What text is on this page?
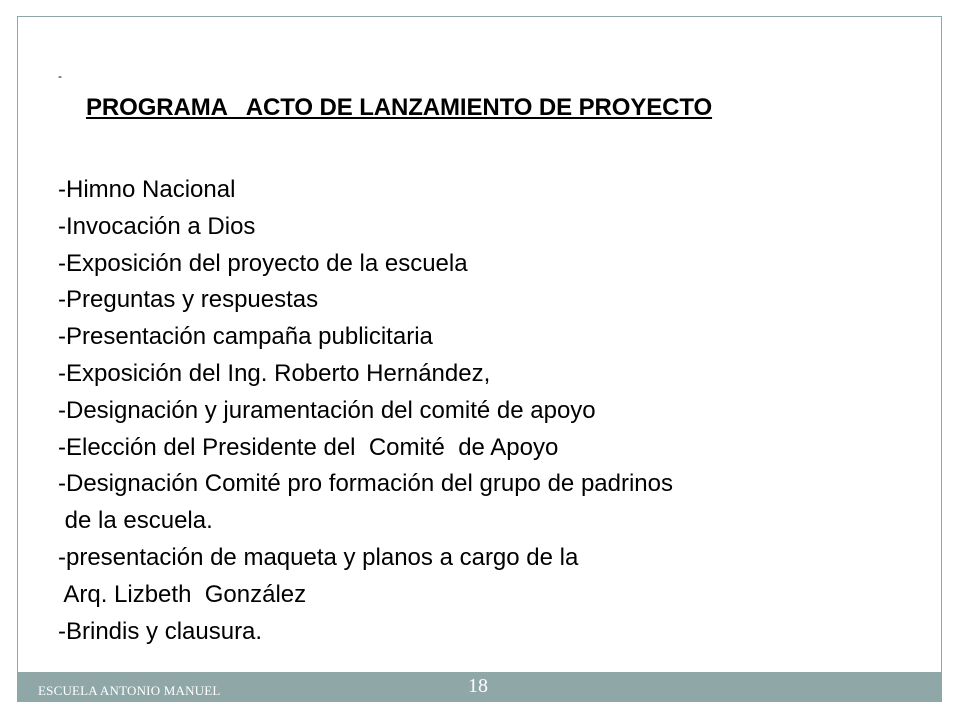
-
PROGRAMA   ACTO DE LANZAMIENTO DE PROYECTO
-Himno Nacional
-Invocación a Dios
-Exposición del proyecto de la escuela
-Preguntas y respuestas
-Presentación campaña publicitaria
-Exposición del Ing. Roberto Hernández,
-Designación y juramentación del comité de apoyo
-Elección del Presidente del  Comité  de Apoyo
-Designación Comité pro formación del grupo de padrinos
de la escuela.
-presentación de maqueta y planos a cargo de la
Arq. Lizbeth  González
-Brindis y clausura.
ESCUELA ANTONIO MANUEL	18
